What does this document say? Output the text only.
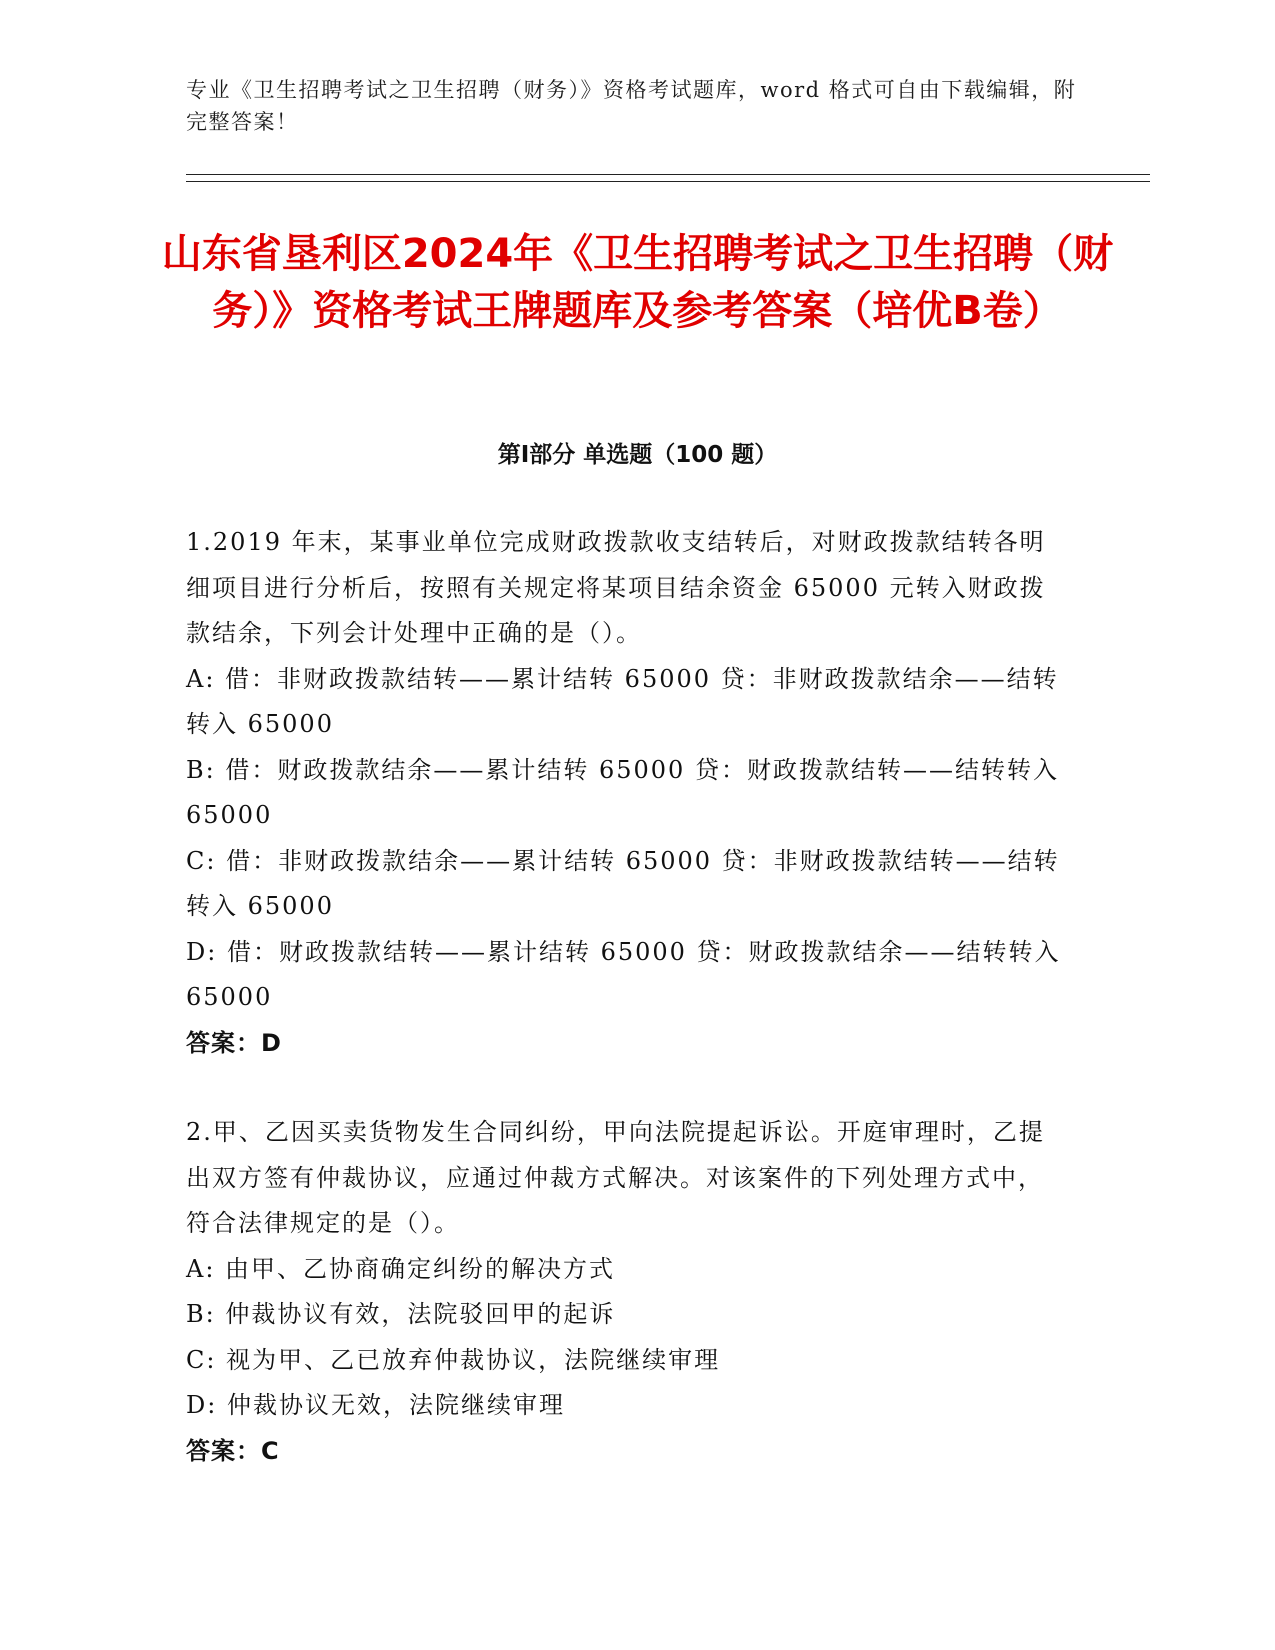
专业《卫生招聘考试之卫生招聘（财务）》资格考试题库，word 格式可自由下载编辑，附完整答案！
山东省垦利区2024年《卫生招聘考试之卫生招聘（财务）》资格考试王牌题库及参考答案（培优B卷）
第Ⅰ部分 单选题（100 题）
1.2019 年末，某事业单位完成财政拨款收支结转后，对财政拨款结转各明细项目进行分析后，按照有关规定将某项目结余资金 65000 元转入财政拨款结余，下列会计处理中正确的是（）。
A: 借：非财政拨款结转——累计结转 65000 贷：非财政拨款结余——结转转入 65000
B: 借：财政拨款结余——累计结转 65000 贷：财政拨款结转——结转转入 65000
C: 借：非财政拨款结余——累计结转 65000 贷：非财政拨款结转——结转转入 65000
D: 借：财政拨款结转——累计结转 65000 贷：财政拨款结余——结转转入 65000
答案：D
2.甲、乙因买卖货物发生合同纠纷，甲向法院提起诉讼。开庭审理时，乙提出双方签有仲裁协议，应通过仲裁方式解决。对该案件的下列处理方式中，符合法律规定的是（）。
A: 由甲、乙协商确定纠纷的解决方式
B: 仲裁协议有效，法院驳回甲的起诉
C: 视为甲、乙已放弃仲裁协议，法院继续审理
D: 仲裁协议无效，法院继续审理
答案：C
